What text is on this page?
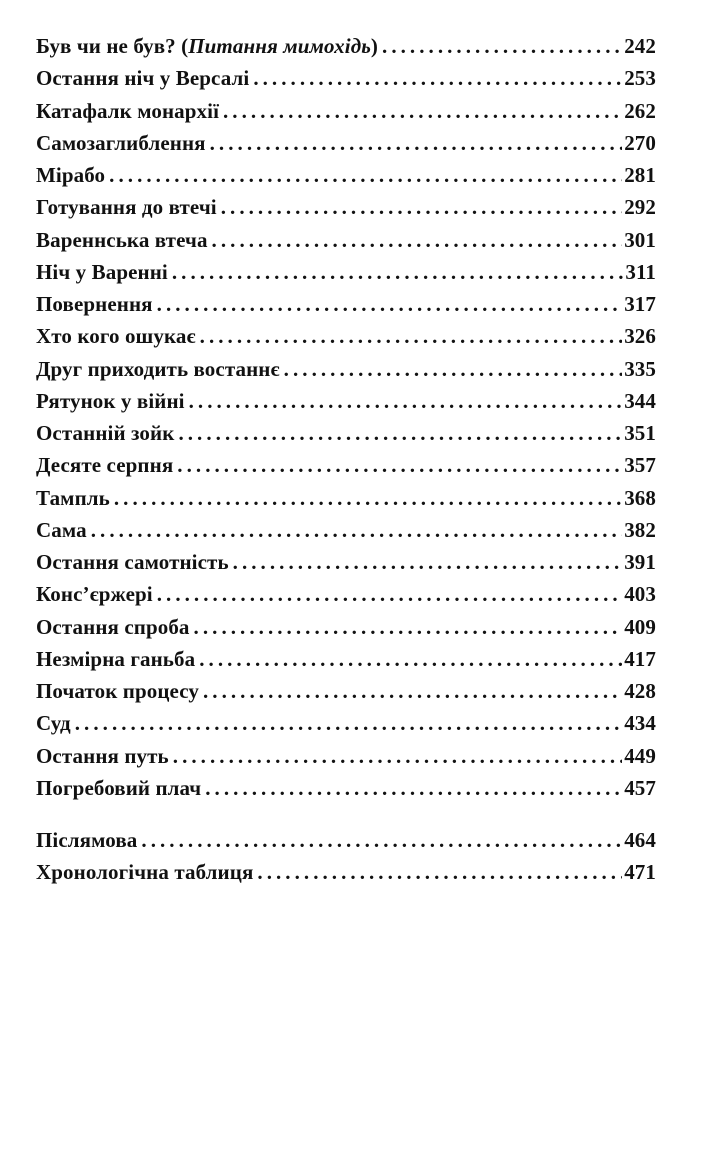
Був чи не був? (Питання мимохідь) . . .	242
Остання ніч у Версалі . . .	253
Катафалк монархії . . .	262
Самозаглиблення . . .	270
Мірабо . . .	281
Готування до втечі . . .	292
Вареннська втеча . . .	301
Ніч у Варенні . . .	311
Повернення . . .	317
Хто кого ошукає . . .	326
Друг приходить востаннє . . .	335
Рятунок у війні . . .	344
Останній зойк . . .	351
Десяте серпня . . .	357
Тампль . . .	368
Сама . . .	382
Остання самотність . . .	391
Консʼєржері . . .	403
Остання спроба . . .	409
Незмірна ганьба . . .	417
Початок процесу . . .	428
Суд . . .	434
Остання путь . . .	449
Погребовий плач . . .	457
Післямова . . .	464
Хронологічна таблиця . . .	471
